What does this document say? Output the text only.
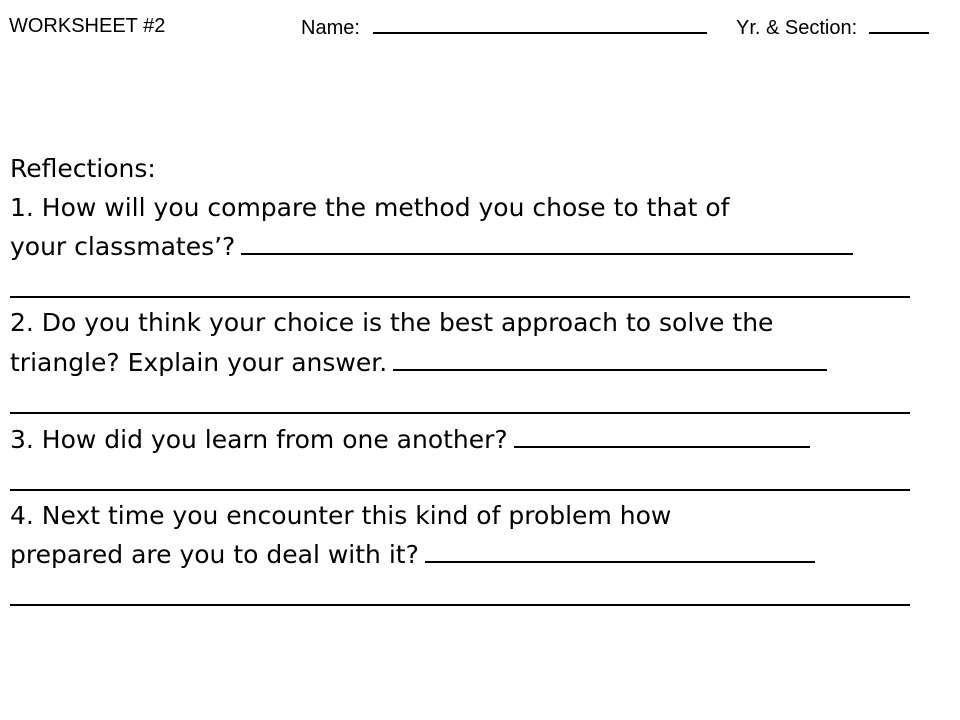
WORKSHEET #2	Name:	Yr. & Section:
Reflections:
1. How will you compare the method you chose to that of
your classmates’?
2. Do you think your choice is the best approach to solve the
triangle? Explain your answer.
3. How did you learn from one another?
4. Next time you encounter this kind of problem how
prepared are you to deal with it?
